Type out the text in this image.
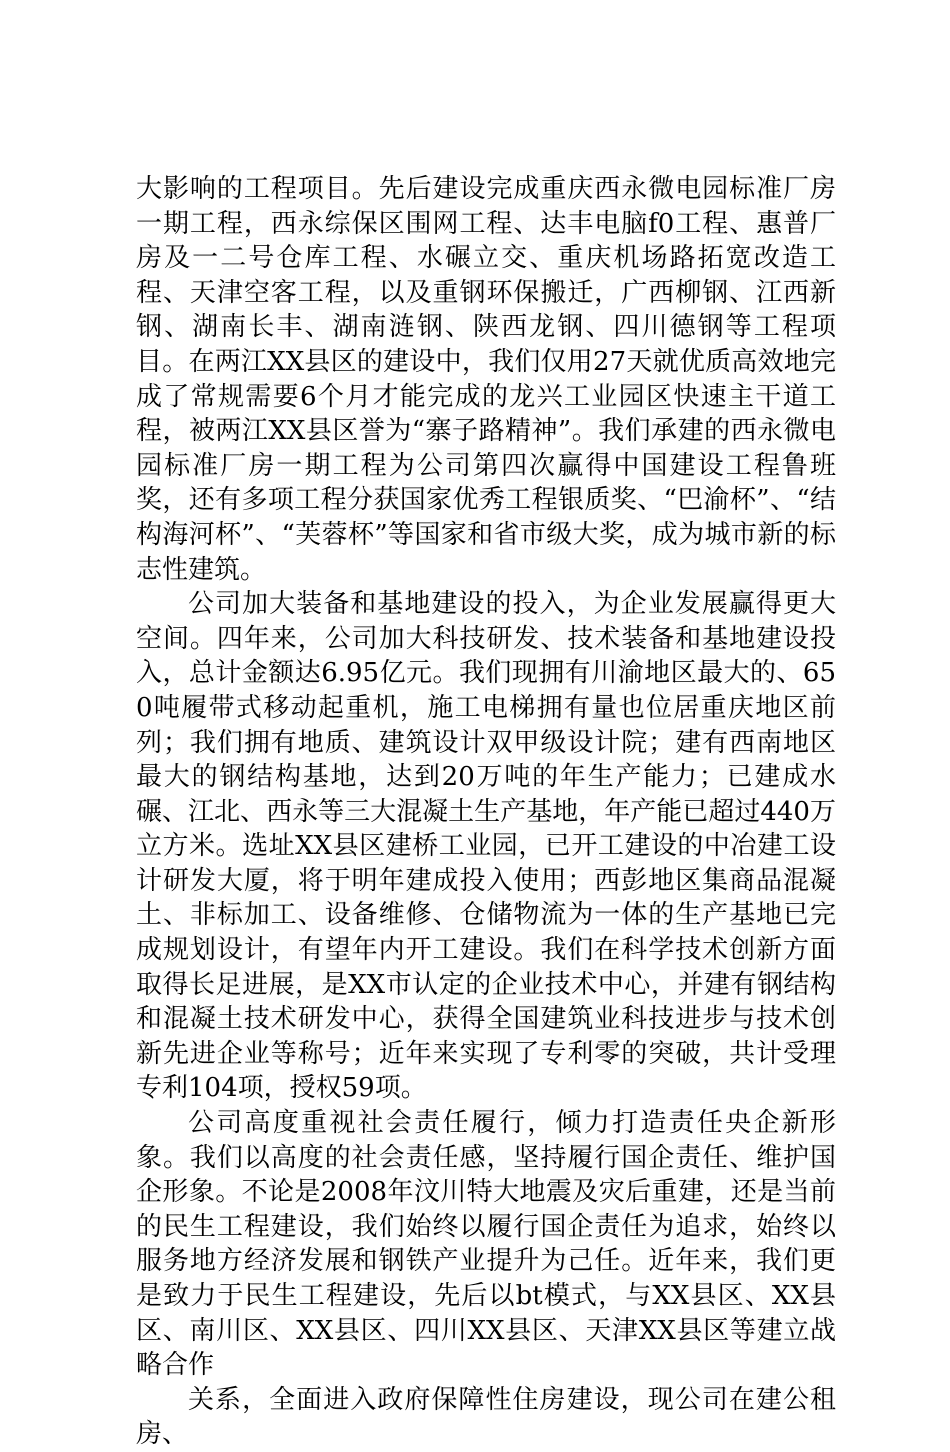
大影响的工程项目。先后建设完成重庆西永微电园标准厂房一期工程，西永综保区围网工程、达丰电脑f0工程、惠普厂房及一二号仓库工程、水碾立交、重庆机场路拓宽改造工程、天津空客工程，以及重钢环保搬迁，广西柳钢、江西新钢、湖南长丰、湖南涟钢、陕西龙钢、四川德钢等工程项目。在两江XX县区的建设中，我们仅用27天就优质高效地完成了常规需要6个月才能完成的龙兴工业园区快速主干道工程，被两江XX县区誉为“寨子路精神”。我们承建的西永微电园标准厂房一期工程为公司第四次赢得中国建设工程鲁班奖，还有多项工程分获国家优秀工程银质奖、“巴渝杯”、“结构海河杯”、“芙蓉杯”等国家和省市级大奖，成为城市新的标志性建筑。

公司加大装备和基地建设的投入，为企业发展赢得更大空间。四年来，公司加大科技研发、技术装备和基地建设投入，总计金额达6.95亿元。我们现拥有川渝地区最大的、650吨履带式移动起重机，施工电梯拥有量也位居重庆地区前列；我们拥有地质、建筑设计双甲级设计院；建有西南地区最大的钢结构基地，达到20万吨的年生产能力；已建成水碾、江北、西永等三大混凝土生产基地，年产能已超过440万立方米。选址XX县区建桥工业园，已开工建设的中冶建工设计研发大厦，将于明年建成投入使用；西彭地区集商品混凝土、非标加工、设备维修、仓储物流为一体的生产基地已完成规划设计，有望年内开工建设。我们在科学技术创新方面取得长足进展，是XX市认定的企业技术中心，并建有钢结构和混凝土技术研发中心，获得全国建筑业科技进步与技术创新先进企业等称号；近年来实现了专利零的突破，共计受理专利104项，授权59项。

公司高度重视社会责任履行，倾力打造责任央企新形象。我们以高度的社会责任感，坚持履行国企责任、维护国企形象。不论是2008年汶川特大地震及灾后重建，还是当前的民生工程建设，我们始终以履行国企责任为追求，始终以服务地方经济发展和钢铁产业提升为己任。近年来，我们更是致力于民生工程建设，先后以bt模式，与XX县区、XX县区、南川区、XX县区、四川XX县区、天津XX县区等建立战略合作

关系，全面进入政府保障性住房建设，现公司在建公租房、
